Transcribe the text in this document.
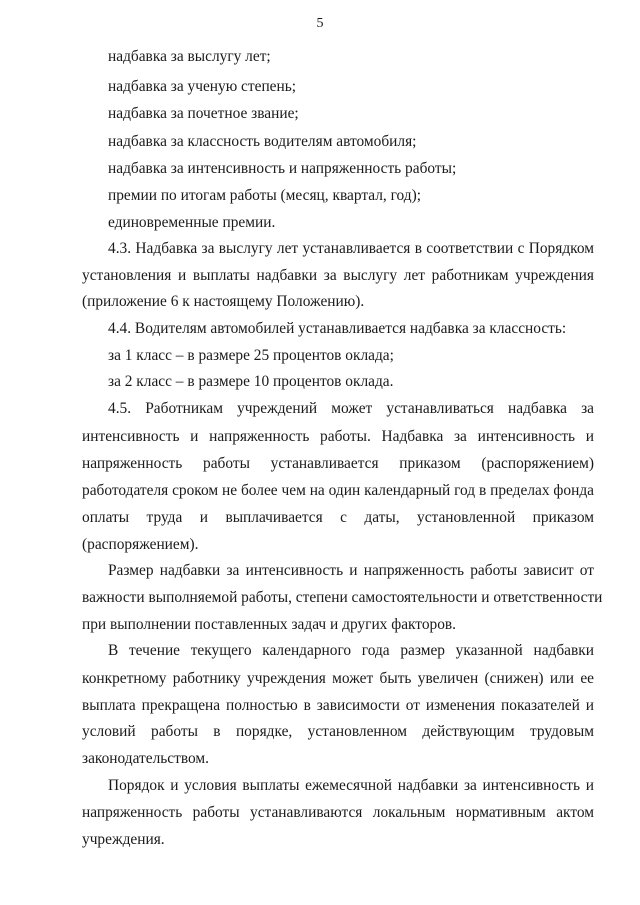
5
надбавка за выслугу лет;
надбавка за ученую степень;
надбавка за почетное звание;
надбавка за классность водителям автомобиля;
надбавка за интенсивность и напряженность работы;
премии по итогам работы (месяц, квартал, год);
единовременные премии.
4.3. Надбавка за выслугу лет устанавливается в соответствии с Порядком
установления и выплаты надбавки за выслугу лет работникам учреждения
(приложение 6 к настоящему Положению).
4.4. Водителям автомобилей устанавливается надбавка за классность:
за 1 класс – в размере 25 процентов оклада;
за 2 класс – в размере 10 процентов оклада.
4.5. Работникам учреждений может устанавливаться надбавка за
интенсивность и напряженность работы. Надбавка за интенсивность и
напряженность работы устанавливается приказом (распоряжением)
работодателя сроком не более чем на один календарный год в пределах фонда
оплаты труда и выплачивается с даты, установленной приказом
(распоряжением).
Размер надбавки за интенсивность и напряженность работы зависит от
важности выполняемой работы, степени самостоятельности и ответственности
при выполнении поставленных задач и других факторов.
В течение текущего календарного года размер указанной надбавки
конкретному работнику учреждения может быть увеличен (снижен) или ее
выплата прекращена полностью в зависимости от изменения показателей и
условий работы в порядке, установленном действующим трудовым
законодательством.
Порядок и условия выплаты ежемесячной надбавки за интенсивность и
напряженность работы устанавливаются локальным нормативным актом
учреждения.
